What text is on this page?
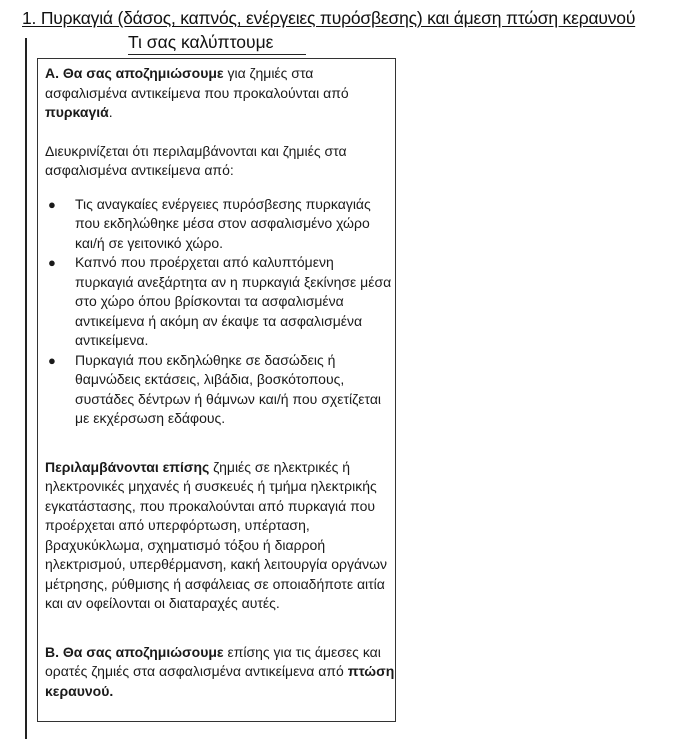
1. Πυρκαγιά (δάσος, καπνός, ενέργειες πυρόσβεσης) και άμεση πτώση κεραυνού
Τι σας καλύπτουμε

Α. Θα σας αποζημιώσουμε για ζημιές στα ασφαλισμένα αντικείμενα που προκαλούνται από πυρκαγιά.

Διευκρινίζεται ότι περιλαμβάνονται και ζημιές στα ασφαλισμένα αντικείμενα από:

● Τις αναγκαίες ενέργειες πυρόσβεσης πυρκαγιάς που εκδηλώθηκε μέσα στον ασφαλισμένο χώρο και/ή σε γειτονικό χώρο.
● Καπνό που προέρχεται από καλυπτόμενη πυρκαγιά ανεξάρτητα αν η πυρκαγιά ξεκίνησε μέσα στο χώρο όπου βρίσκονται τα ασφαλισμένα αντικείμενα ή ακόμη αν έκαψε τα ασφαλισμένα αντικείμενα.
● Πυρκαγιά που εκδηλώθηκε σε δασώδεις ή θαμνώδεις εκτάσεις, λιβάδια, βοσκότοπους, συστάδες δέντρων ή θάμνων και/ή που σχετίζεται με εκχέρσωση εδάφους.

Περιλαμβάνονται επίσης ζημιές σε ηλεκτρικές ή ηλεκτρονικές μηχανές ή συσκευές ή τμήμα ηλεκτρικής εγκατάστασης, που προκαλούνται από πυρκαγιά που προέρχεται από υπερφόρτωση, υπέρταση, βραχυκύκλωμα, σχηματισμό τόξου ή διαρροή ηλεκτρισμού, υπερθέρμανση, κακή λειτουργία οργάνων μέτρησης, ρύθμισης ή ασφάλειας σε οποιαδήποτε αιτία και αν οφείλονται οι διαταραχές αυτές.

Β. Θα σας αποζημιώσουμε επίσης για τις άμεσες και ορατές ζημιές στα ασφαλισμένα αντικείμενα από πτώση κεραυνού.
